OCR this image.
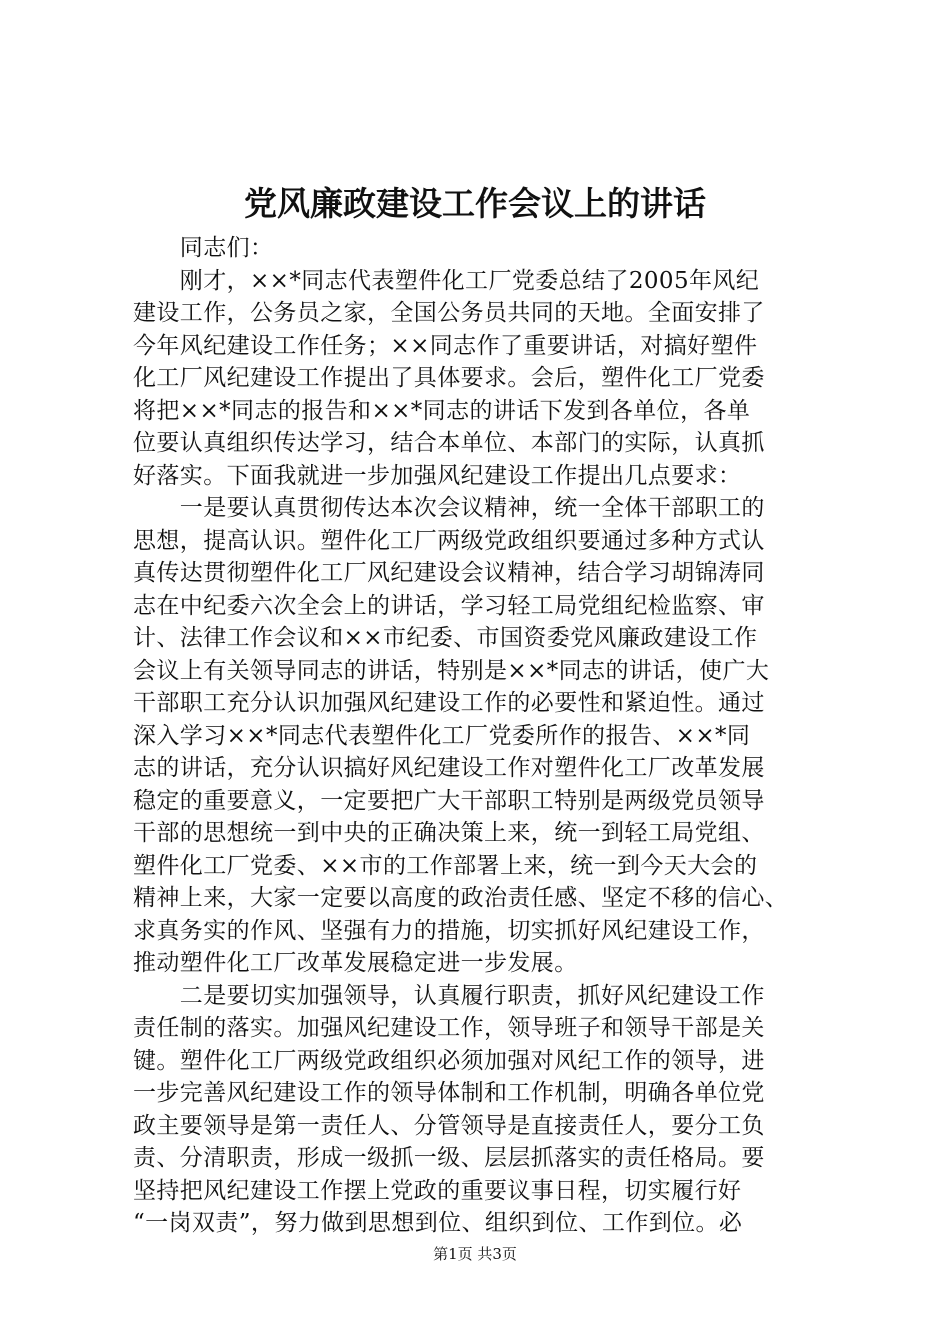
党风廉政建设工作会议上的讲话
　　同志们：
　　刚才，××*同志代表塑件化工厂党委总结了2005年风纪
建设工作，公务员之家，全国公务员共同的天地。全面安排了
今年风纪建设工作任务；××同志作了重要讲话，对搞好塑件
化工厂风纪建设工作提出了具体要求。会后，塑件化工厂党委
将把××*同志的报告和××*同志的讲话下发到各单位，各单
位要认真组织传达学习，结合本单位、本部门的实际，认真抓
好落实。下面我就进一步加强风纪建设工作提出几点要求：
　　一是要认真贯彻传达本次会议精神，统一全体干部职工的
思想，提高认识。塑件化工厂两级党政组织要通过多种方式认
真传达贯彻塑件化工厂风纪建设会议精神，结合学习胡锦涛同
志在中纪委六次全会上的讲话，学习轻工局党组纪检监察、审
计、法律工作会议和××市纪委、市国资委党风廉政建设工作
会议上有关领导同志的讲话，特别是××*同志的讲话，使广大
干部职工充分认识加强风纪建设工作的必要性和紧迫性。通过
深入学习××*同志代表塑件化工厂党委所作的报告、××*同
志的讲话，充分认识搞好风纪建设工作对塑件化工厂改革发展
稳定的重要意义，一定要把广大干部职工特别是两级党员领导
干部的思想统一到中央的正确决策上来，统一到轻工局党组、
塑件化工厂党委、××市的工作部署上来，统一到今天大会的
精神上来，大家一定要以高度的政治责任感、坚定不移的信心、
求真务实的作风、坚强有力的措施，切实抓好风纪建设工作，
推动塑件化工厂改革发展稳定进一步发展。
　　二是要切实加强领导，认真履行职责，抓好风纪建设工作
责任制的落实。加强风纪建设工作，领导班子和领导干部是关
键。塑件化工厂两级党政组织必须加强对风纪工作的领导，进
一步完善风纪建设工作的领导体制和工作机制，明确各单位党
政主要领导是第一责任人、分管领导是直接责任人，要分工负
责、分清职责，形成一级抓一级、层层抓落实的责任格局。要
坚持把风纪建设工作摆上党政的重要议事日程，切实履行好
“一岗双责”，努力做到思想到位、组织到位、工作到位。必
第1页 共3页
